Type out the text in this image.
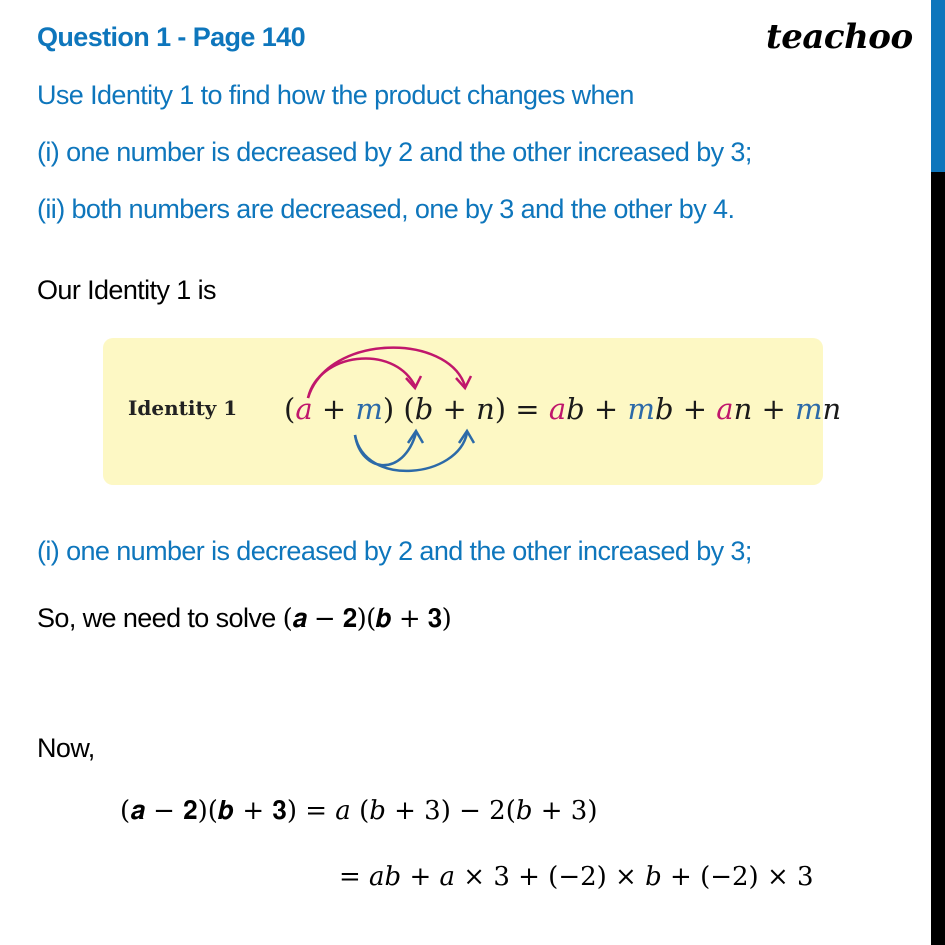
Question 1 - Page 140	teachoo
Use Identity 1 to find how the product changes when
(i) one number is decreased by 2 and the other increased by 3;
(ii) both numbers are decreased, one by 3 and the other by 4.
Our Identity 1 is
Identity 1 (a + m) (b + n) = ab + mb + an + mn
(i) one number is decreased by 2 and the other increased by 3;
So, we need to solve (𝒂 − 𝟐)(𝒃 + 𝟑)
Now,
(𝒂 − 𝟐)(𝒃 + 𝟑) = 𝑎 (𝑏 + 3) − 2(𝑏 + 3)
= 𝑎𝑏 + 𝑎 × 3 + (−2) × 𝑏 + (−2) × 3
